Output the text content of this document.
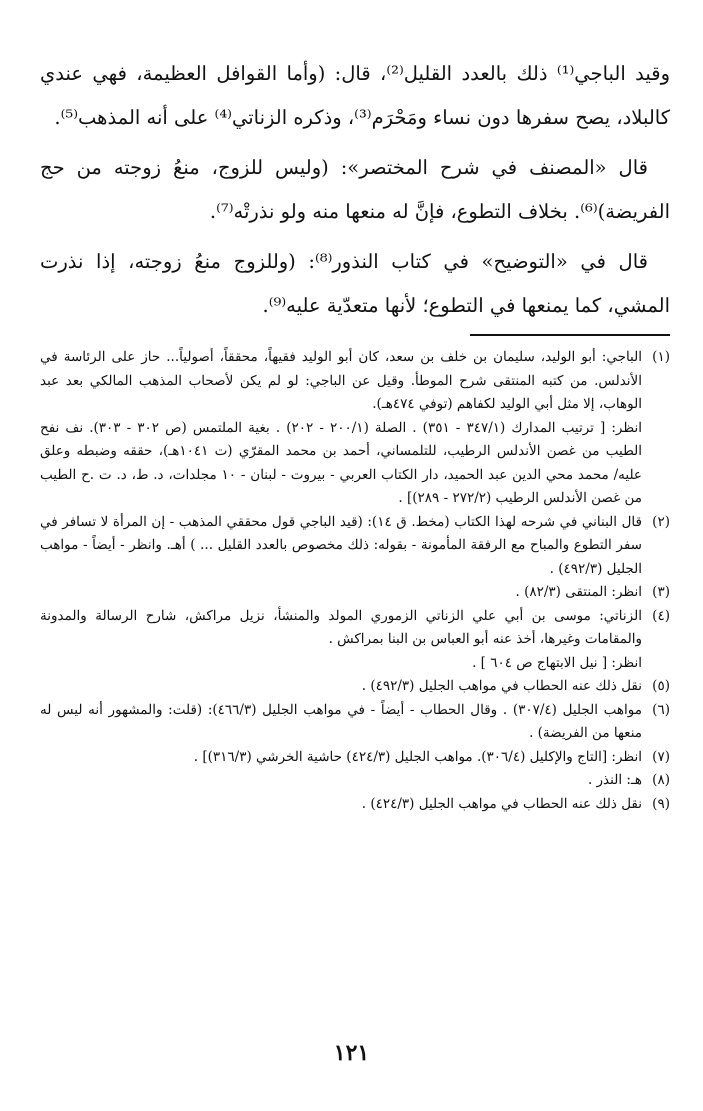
وقيد الباجي⁽¹⁾ ذلك بالعدد القليل⁽²⁾، قال: (وأما القوافل العظيمة، فهي عندي كالبلاد، يصح سفرها دون نساء ومَحْرَم⁽³⁾، وذكره الزناتي⁽⁴⁾ على أنه المذهب⁽⁵⁾.

قال «المصنف في شرح المختصر»: (وليس للزوج، منعُ زوجته من حج الفريضة)⁽⁶⁾. بخلاف التطوع، فإنَّ له منعها منه ولو نذرتْه⁽⁷⁾.

قال في «التوضيح» في كتاب النذور⁽⁸⁾: (وللزوج منعُ زوجته، إذا نذرت المشي، كما يمنعها في التطوع؛ لأنها متعدّية عليه⁽⁹⁾.

(١)

الباجي: أبو الوليد، سليمان بن خلف بن سعد، كان أبو الوليد فقيهاً، محققاً، أصولياً... حاز على الرئاسة في الأندلس. من كتبه المنتقى شرح الموطأ. وقيل عن الباجي: لو لم يكن لأصحاب المذهب المالكي بعد عبد الوهاب، إلا مثل أبي الوليد لكفاهم (توفي ٤٧٤هـ).

انظر: [ ترتيب المدارك (٣٤٧/١ - ٣٥١) . الصلة (٢٠٠/١ - ٢٠٢) . بغية الملتمس (ص ٣٠٢ - ٣٠٣). نف نفح الطيب من غصن الأندلس الرطيب، للتلمساني، أحمد بن محمد المقرّي (ت ١٠٤١هـ)، حققه وضبطه وعلق عليه/ محمد محي الدين عبد الحميد، دار الكتاب العربي - بيروت - لبنان - ١٠ مجلدات، د. ط، د. ت .ح الطيب من غصن الأندلس الرطيب (٢٧٢/٢ - ٢٨٩)] .

(٢)

قال البناني في شرحه لهذا الكتاب (مخط. ق ١٤): (قيد الباجي قول محققي المذهب - إن المرأة لا تسافر في سفر التطوع والمباح مع الرفقة المأمونة - بقوله: ذلك مخصوص بالعدد القليل ... ) أهـ. وانظر - أيضاً - مواهب الجليل (٤٩٢/٣) .

(٣)

انظر: المنتقى (٨٢/٣) .

(٤)

الزناتي: موسى بن أبي علي الزناتي الزموري المولد والمنشأ، نزيل مراكش، شارح الرسالة والمدونة والمقامات وغيرها، أخذ عنه أبو العباس بن البنا بمراكش .

انظر: [ نيل الابتهاج ص ٦٠٤ ] .

(٥)

نقل ذلك عنه الحطاب في مواهب الجليل (٤٩٢/٣) .

(٦)

مواهب الجليل (٣٠٧/٤) . وقال الحطاب - أيضاً - في مواهب الجليل (٤٦٦/٣): (قلت: والمشهور أنه ليس له منعها من الفريضة) .

(٧)

انظر: [التاج والإكليل (٣٠٦/٤). مواهب الجليل (٤٢٤/٣) حاشية الخرشي (٣١٦/٣)] .

(٨)

هـ: النذر .

(٩)

نقل ذلك عنه الحطاب في مواهب الجليل (٤٢٤/٣) .

١٢١
